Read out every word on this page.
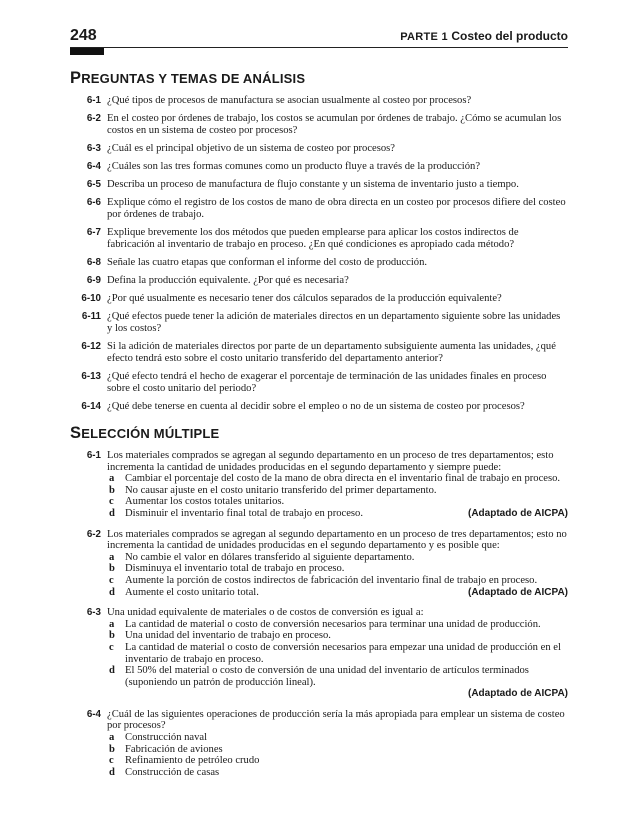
248	PARTE 1 Costeo del producto
PREGUNTAS Y TEMAS DE ANÁLISIS
6-1 ¿Qué tipos de procesos de manufactura se asocian usualmente al costeo por procesos?
6-2 En el costeo por órdenes de trabajo, los costos se acumulan por órdenes de trabajo. ¿Cómo se acumulan los costos en un sistema de costeo por procesos?
6-3 ¿Cuál es el principal objetivo de un sistema de costeo por procesos?
6-4 ¿Cuáles son las tres formas comunes como un producto fluye a través de la producción?
6-5 Describa un proceso de manufactura de flujo constante y un sistema de inventario justo a tiempo.
6-6 Explique cómo el registro de los costos de mano de obra directa en un costeo por procesos difiere del costeo por órdenes de trabajo.
6-7 Explique brevemente los dos métodos que pueden emplearse para aplicar los costos indirectos de fabricación al inventario de trabajo en proceso. ¿En qué condiciones es apropiado cada método?
6-8 Señale las cuatro etapas que conforman el informe del costo de producción.
6-9 Defina la producción equivalente. ¿Por qué es necesaria?
6-10 ¿Por qué usualmente es necesario tener dos cálculos separados de la producción equivalente?
6-11 ¿Qué efectos puede tener la adición de materiales directos en un departamento siguiente sobre las unidades y los costos?
6-12 Si la adición de materiales directos por parte de un departamento subsiguiente aumenta las unidades, ¿qué efecto tendrá esto sobre el costo unitario transferido del departamento anterior?
6-13 ¿Qué efecto tendrá el hecho de exagerar el porcentaje de terminación de las unidades finales en proceso sobre el costo unitario del periodo?
6-14 ¿Qué debe tenerse en cuenta al decidir sobre el empleo o no de un sistema de costeo por procesos?
SELECCIÓN MÚLTIPLE
6-1 Los materiales comprados se agregan al segundo departamento en un proceso de tres departamentos; esto incrementa la cantidad de unidades producidas en el segundo departamento y siempre puede:
a Cambiar el porcentaje del costo de la mano de obra directa en el inventario final de trabajo en proceso.
b No causar ajuste en el costo unitario transferido del primer departamento.
c Aumentar los costos totales unitarios.
d Disminuir el inventario final total de trabajo en proceso.	(Adaptado de AICPA)
6-2 Los materiales comprados se agregan al segundo departamento en un proceso de tres departamentos; esto no incrementa la cantidad de unidades producidas en el segundo departamento y es posible que:
a No cambie el valor en dólares transferido al siguiente departamento.
b Disminuya el inventario total de trabajo en proceso.
c Aumente la porción de costos indirectos de fabricación del inventario final de trabajo en proceso.
d Aumente el costo unitario total.	(Adaptado de AICPA)
6-3 Una unidad equivalente de materiales o de costos de conversión es igual a:
a La cantidad de material o costo de conversión necesarios para terminar una unidad de producción.
b Una unidad del inventario de trabajo en proceso.
c La cantidad de material o costo de conversión necesarios para empezar una unidad de producción en el inventario de trabajo en proceso.
d El 50% del material o costo de conversión de una unidad del inventario de artículos terminados (suponiendo un patrón de producción lineal).
(Adaptado de AICPA)
6-4 ¿Cuál de las siguientes operaciones de producción sería la más apropiada para emplear un sistema de costeo por procesos?
a Construcción naval
b Fabricación de aviones
c Refinamiento de petróleo crudo
d Construcción de casas
